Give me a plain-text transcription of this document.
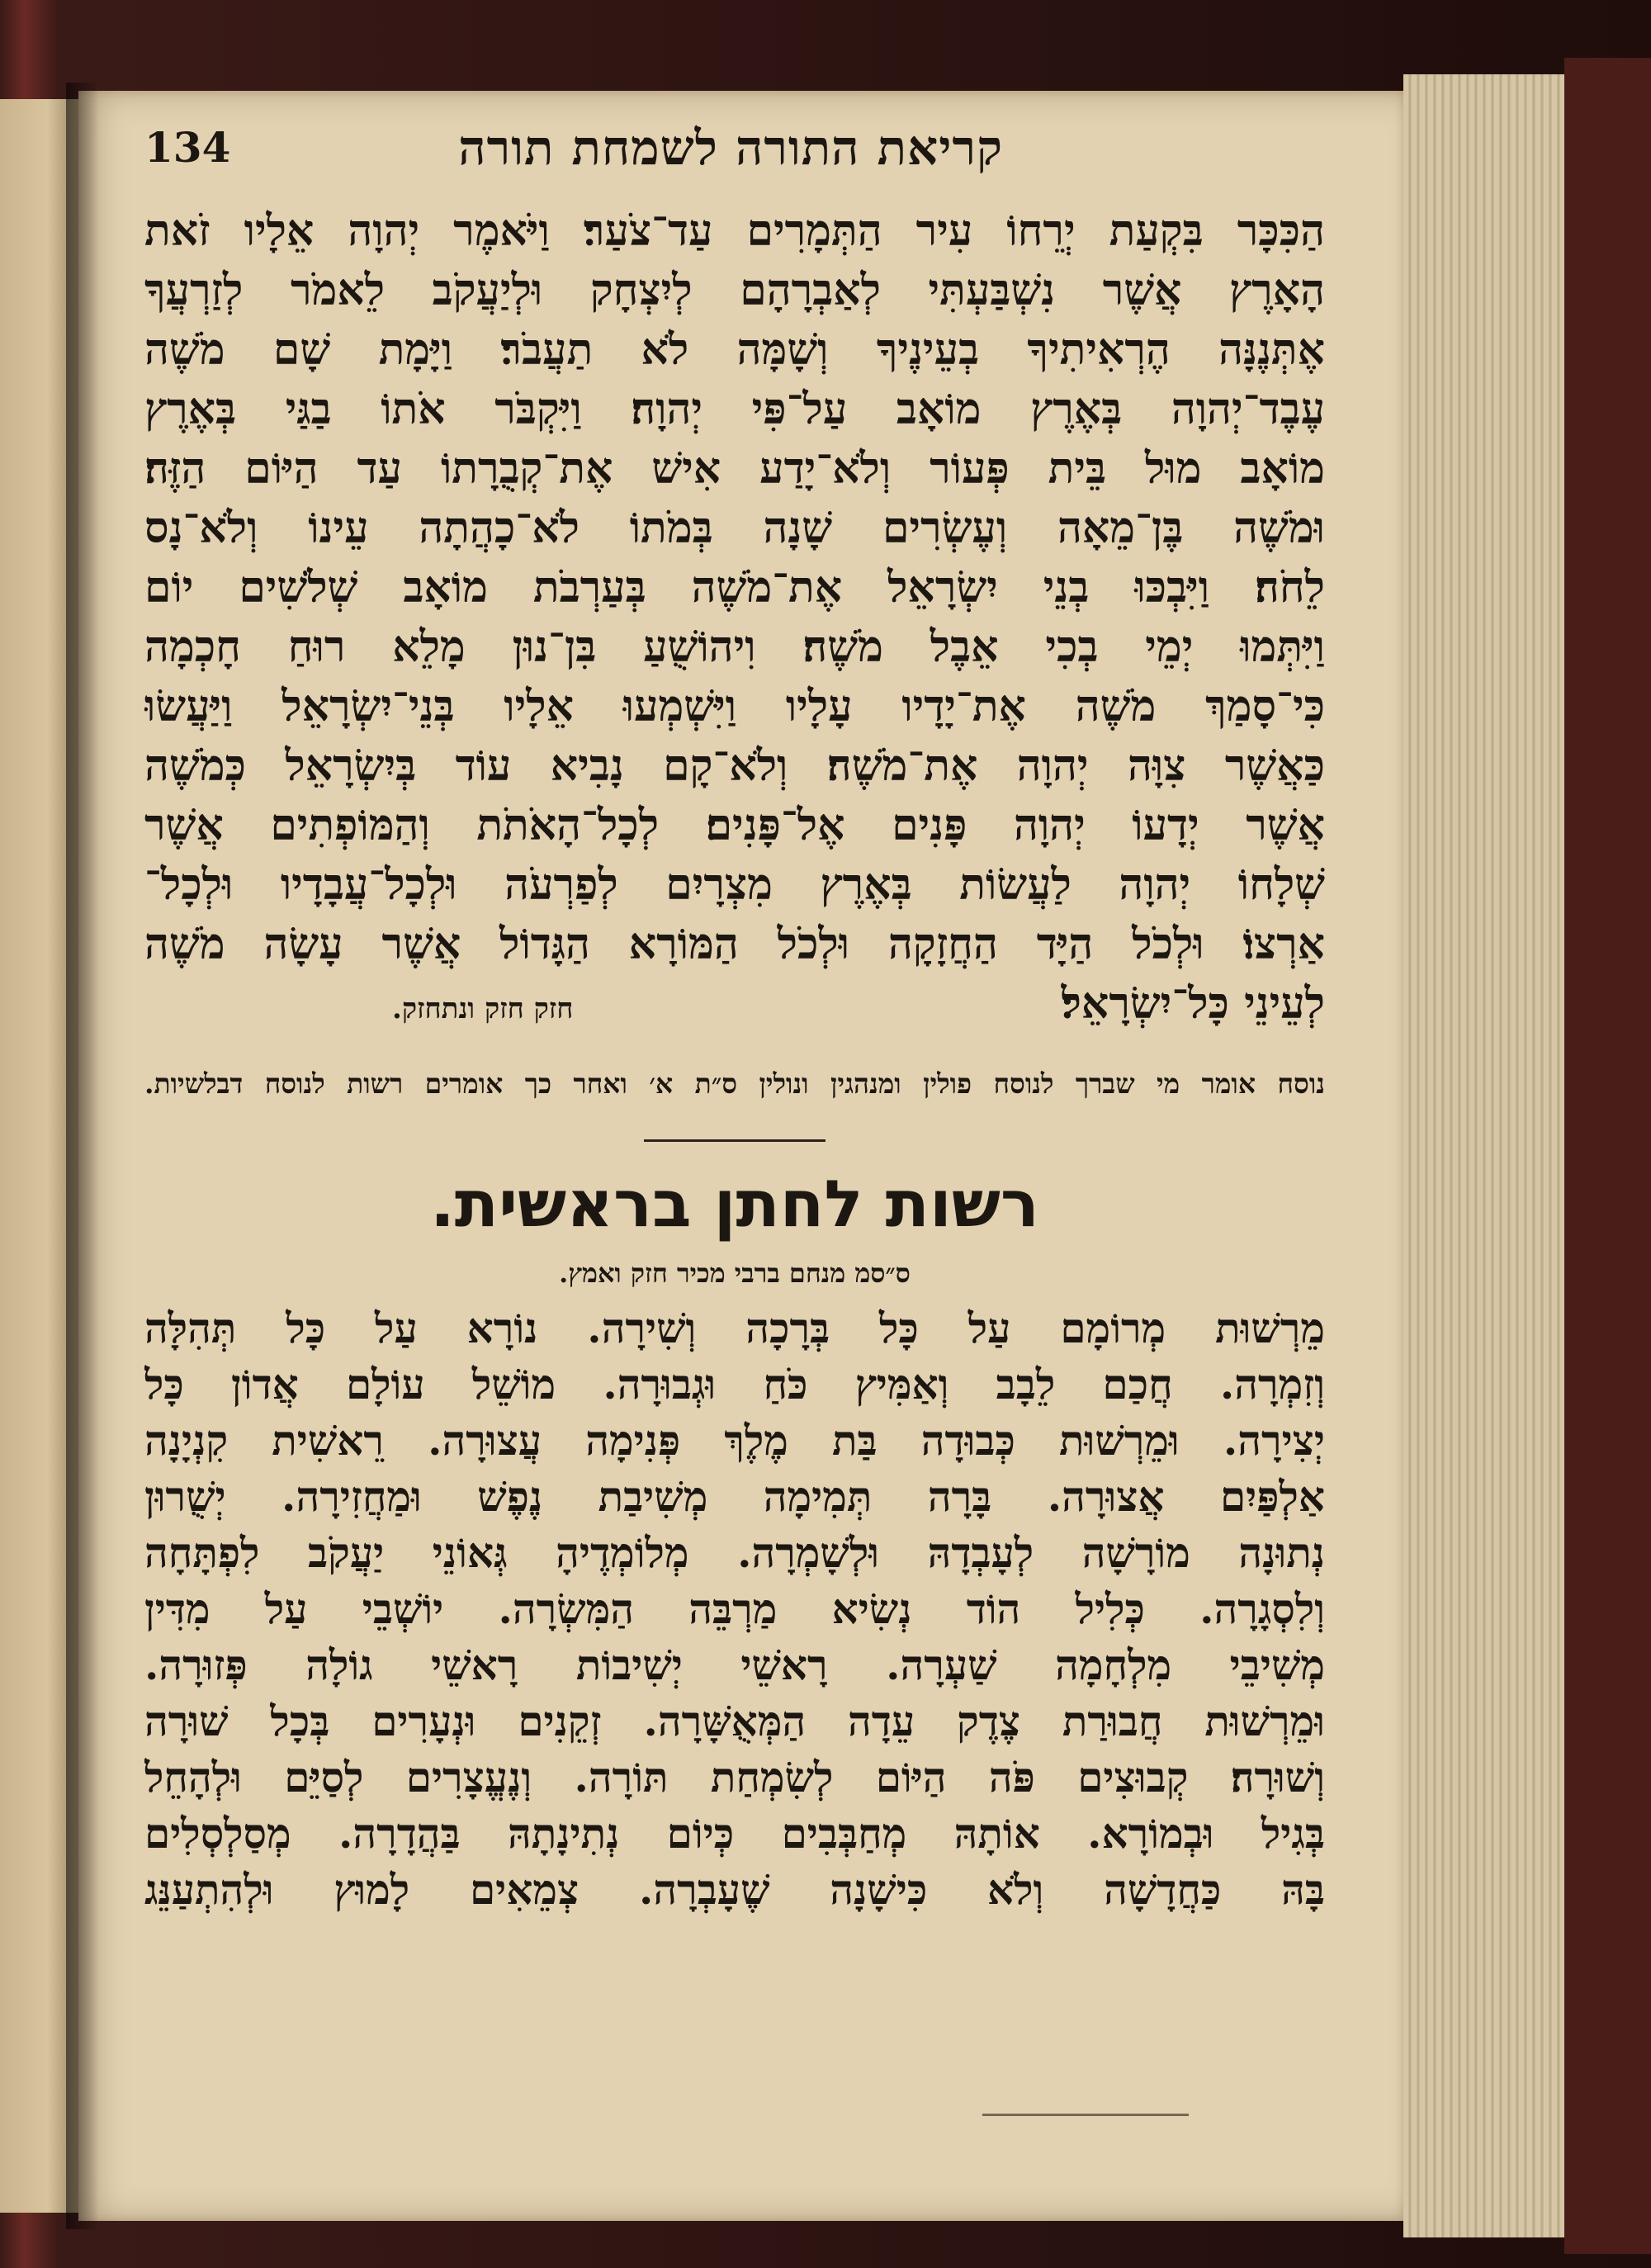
קריאת התורה לשמחת תורה
134
הַכִּכָּר בִּקְעַת יְרֵחוֹ עִיר הַתְּמָרִים עַד־צֹעַר׃ וַיֹּאמֶר יְהוָה אֵלָיו זֹאת
הָאָרֶץ אֲשֶׁר נִשְׁבַּעְתִּי לְאַבְרָהָם לְיִצְחָק וּלְיַעֲקֹב לֵאמֹר לְזַרְעֲךָ
אֶתְּנֶנָּה הֶרְאִיתִיךָ בְעֵינֶיךָ וְשָׁמָּה לֹא תַעֲבֹר׃ וַיָּמָת שָׁם מֹשֶׁה
עֶבֶד־יְהוָה בְּאֶרֶץ מוֹאָב עַל־פִּי יְהוָה׃ וַיִּקְבֹּר אֹתוֹ בַגַּי בְּאֶרֶץ
מוֹאָב מוּל בֵּית פְּעוֹר וְלֹא־יָדַע אִישׁ אֶת־קְבֻרָתוֹ עַד הַיּוֹם הַזֶּה׃
וּמֹשֶׁה בֶּן־מֵאָה וְעֶשְׂרִים שָׁנָה בְּמֹתוֹ לֹא־כָהֲתָה עֵינוֹ וְלֹא־נָס
לֵחֹה׃ וַיִּבְכּוּ בְנֵי יִשְׂרָאֵל אֶת־מֹשֶׁה בְּעַרְבֹת מוֹאָב שְׁלֹשִׁים יוֹם
וַיִּתְּמוּ יְמֵי בְכִי אֵבֶל מֹשֶׁה׃ וִיהוֹשֻׁעַ בִּן־נוּן מָלֵא רוּחַ חָכְמָה
כִּי־סָמַךְ מֹשֶׁה אֶת־יָדָיו עָלָיו וַיִּשְׁמְעוּ אֵלָיו בְּנֵי־יִשְׂרָאֵל וַיַּעֲשׂוּ
כַּאֲשֶׁר צִוָּה יְהוָה אֶת־מֹשֶׁה׃ וְלֹא־קָם נָבִיא עוֹד בְּיִשְׂרָאֵל כְּמֹשֶׁה
אֲשֶׁר יְדָעוֹ יְהוָה פָּנִים אֶל־פָּנִים׃ לְכָל־הָאֹתֹת וְהַמּוֹפְתִים אֲשֶׁר
שְׁלָחוֹ יְהוָה לַעֲשׂוֹת בְּאֶרֶץ מִצְרָיִם לְפַרְעֹה וּלְכָל־עֲבָדָיו וּלְכָל־
אַרְצוֹ׃ וּלְכֹל הַיָּד הַחֲזָקָה וּלְכֹל הַמּוֹרָא הַגָּדוֹל אֲשֶׁר עָשָׂה מֹשֶׁה
לְעֵינֵי כָּל־יִשְׂרָאֵל׃
חזק חזק ונתחזק.
נוסח אומר מי שברך לנוסח פולין ומנהגין ונולין ס״ת א׳ ואחר כך אומרים רשות לנוסח דבלשיות.
רשות לחתן בראשית.
ס״סמ מנחם ברבי מכיר חזק ואמץ.
מֵרְשׁוּת מְרוֹמָם עַל כָּל בְּרָכָה וְשִׁירָה. נוֹרָא עַל כָּל תְּהִלָּה
וְזִמְרָה. חֲכַם לֵבָב וְאַמִּיץ כֹּחַ וּגְבוּרָה. מוֹשֵׁל עוֹלָם אֲדוֹן כָּל
יְצִירָה. וּמֵרְשׁוּת כְּבוּדָה בַּת מֶלֶךְ פְּנִימָה עֲצוּרָה. רֵאשִׁית קִנְיָנָה
אַלְפַּיִם אֲצוּרָה. בָּרָה תְּמִימָה מְשִׁיבַת נֶפֶשׁ וּמַחֲזִירָה. יְשֻׁרוּן
נְתוּנָה מוֹרָשָׁה לְעָבְדָהּ וּלְשָׁמְרָה. מְלוֹמְדֶיהָ גְּאוֹנֵי יַעֲקֹב לִפְתָּחָה
וְלִסְגָרָה. כְּלִיל הוֹד נְשִׂיא מַרְבֵּה הַמִּשְׂרָה. יוֹשְׁבֵי עַל מִדִּין
מְשִׁיבֵי מִלְחָמָה שַׁעְרָה. רָאשֵׁי יְשִׁיבוֹת רָאשֵׁי גוֹלָה פְּזוּרָה.
וּמֵרְשׁוּת חֲבוּרַת צֶדֶק עֵדָה הַמְּאֻשָּׁרָה. זְקֵנִים וּנְעָרִים בְּכָל שׁוּרָה
וְשׁוּרָה׃ קְבוּצִים פֹּה הַיּוֹם לְשִׂמְחַת תּוֹרָה. וְנֶעֱצָרִים לְסַיֵּם וּלְהָחֵל
בְּגִיל וּבְמוֹרָא. אוֹתָהּ מְחַבְּבִים כְּיוֹם נְתִינָתָהּ בַּהֲדָרָה. מְסַלְסְלִים
בָּהּ כַּחֲדָשָׁה וְלֹא כִּישָׁנָה שֶׁעָבְרָה. צְמֵאִים לָמוּץ וּלְהִתְעַנֵּג
